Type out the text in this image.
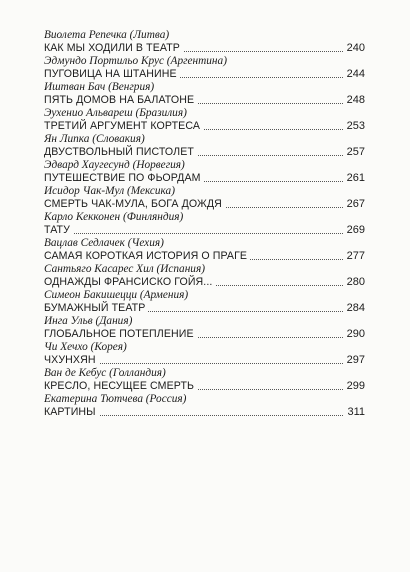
Виолета Репечка (Литва)
КАК МЫ ХОДИЛИ В ТЕАТР	240
Эдмундо Портильо Крус (Аргентина)
ПУГОВИЦА НА ШТАНИНЕ	244
Иштван Бач (Венгрия)
ПЯТЬ ДОМОВ НА БАЛАТОНЕ	248
Эухенио Альвареш (Бразилия)
ТРЕТИЙ АРГУМЕНТ КОРТЕСА	253
Ян Липка (Словакия)
ДВУСТВОЛЬНЫЙ ПИСТОЛЕТ	257
Эдвард Хаугесунд (Норвегия)
ПУТЕШЕСТВИЕ ПО ФЬОРДАМ	261
Исидор Чак-Мул (Мексика)
СМЕРТЬ ЧАК-МУЛА, БОГА ДОЖДЯ	267
Карло Кекконен (Финляндия)
ТАТУ	269
Вацлав Седлачек (Чехия)
САМАЯ КОРОТКАЯ ИСТОРИЯ О ПРАГЕ	277
Сантьяго Касарес Хил (Испания)
ОДНАЖДЫ ФРАНСИСКО ГОЙЯ...	280
Симеон Бакишецци (Армения)
БУМАЖНЫЙ ТЕАТР	284
Инга Ульв (Дания)
ГЛОБАЛЬНОЕ ПОТЕПЛЕНИЕ	290
Чи Хечхо (Корея)
ЧХУНХЯН	297
Ван де Кебус (Голландия)
КРЕСЛО, НЕСУЩЕЕ СМЕРТЬ	299
Екатерина Тютчева (Россия)
КАРТИНЫ	311
